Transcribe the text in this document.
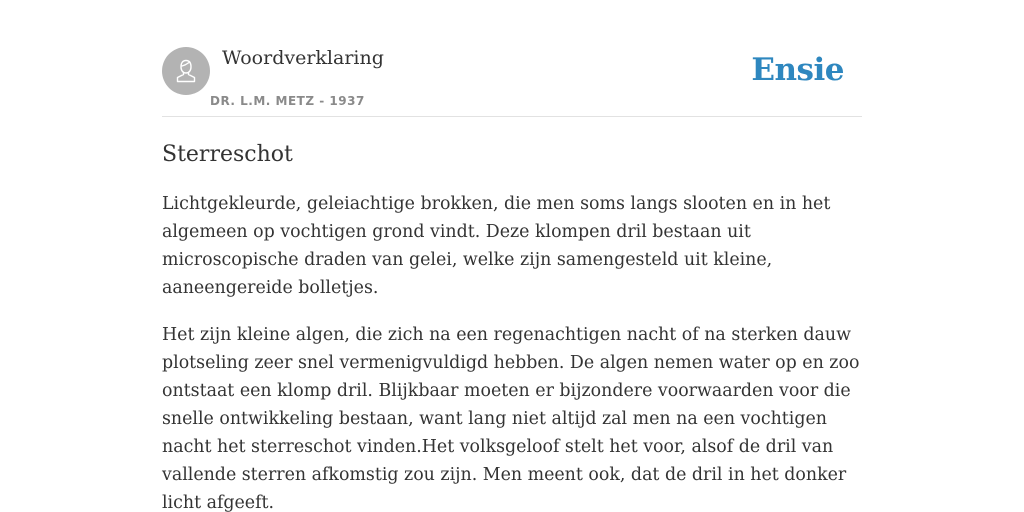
Woordverklaring
DR. L.M. METZ - 1937
Ensie
Sterreschot

Lichtgekleurde, geleiachtige brokken, die men soms langs slooten en in het algemeen op vochtigen grond vindt. Deze klompen dril bestaan uit microscopische draden van gelei, welke zijn samengesteld uit kleine, aaneengereide bolletjes.

Het zijn kleine algen, die zich na een regenachtigen nacht of na sterken dauw plotseling zeer snel vermenigvuldigd hebben. De algen nemen water op en zoo ontstaat een klomp dril. Blijkbaar moeten er bijzondere voorwaarden voor die snelle ontwikkeling bestaan, want lang niet altijd zal men na een vochtigen nacht het sterreschot vinden.Het volksgeloof stelt het voor, alsof de dril van vallende sterren afkomstig zou zijn. Men meent ook, dat de dril in het donker licht afgeeft.
